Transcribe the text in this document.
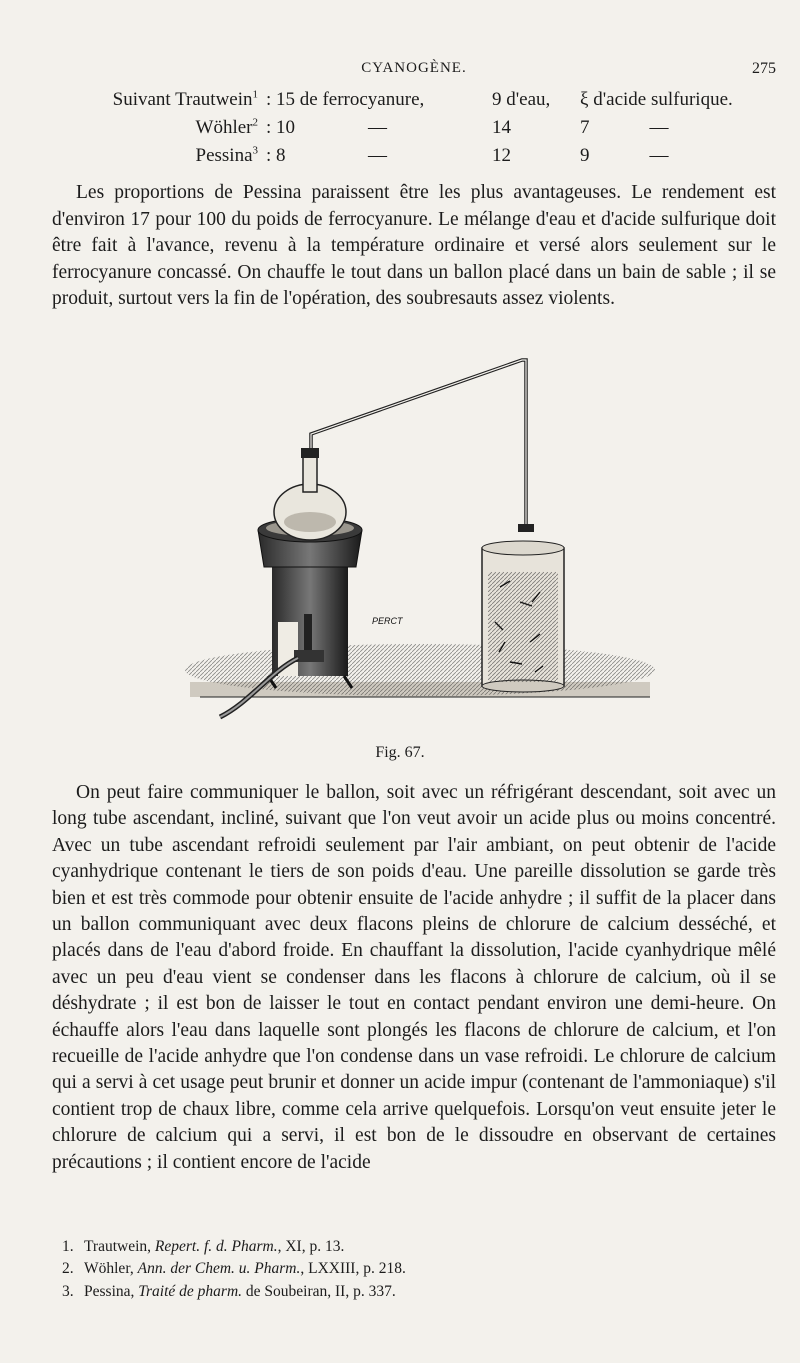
CYANOGÈNE.	275
Suivant Trautwein$^1$	: 15 de ferrocyanure,		9 d'eau,	ξ d'acide sulfurique.
Wöhler$^2$	: 10	—	14	7 —
Pessina$^3$	: 8	—	12	9 —

Les proportions de Pessina paraissent être les plus avantageuses. Le rendement est d'environ 17 pour 100 du poids de ferrocyanure. Le mélange d'eau et d'acide sulfurique doit être fait à l'avance, revenu à la température ordinaire et versé alors seulement sur le ferrocyanure concassé. On chauffe le tout dans un ballon placé dans un bain de sable ; il se produit, surtout vers la fin de l'opération, des soubresauts assez violents.

PERCT
Fig. 67.

On peut faire communiquer le ballon, soit avec un réfrigérant descendant, soit avec un long tube ascendant, incliné, suivant que l'on veut avoir un acide plus ou moins concentré. Avec un tube ascendant refroidi seulement par l'air ambiant, on peut obtenir de l'acide cyanhydrique contenant le tiers de son poids d'eau. Une pareille dissolution se garde très bien et est très commode pour obtenir ensuite de l'acide anhydre ; il suffit de la placer dans un ballon communiquant avec deux flacons pleins de chlorure de calcium desséché, et placés dans de l'eau d'abord froide. En chauffant la dissolution, l'acide cyanhydrique mêlé avec un peu d'eau vient se condenser dans les flacons à chlorure de calcium, où il se déshydrate ; il est bon de laisser le tout en contact pendant environ une demi-heure. On échauffe alors l'eau dans laquelle sont plongés les flacons de chlorure de calcium, et l'on recueille de l'acide anhydre que l'on condense dans un vase refroidi. Le chlorure de calcium qui a servi à cet usage peut brunir et donner un acide impur (contenant de l'ammoniaque) s'il contient trop de chaux libre, comme cela arrive quelquefois. Lorsqu'on veut ensuite jeter le chlorure de calcium qui a servi, il est bon de le dissoudre en observant de certaines précautions ; il contient encore de l'acide

1. Trautwein, Repert. f. d. Pharm., XI, p. 13.
2. Wöhler, Ann. der Chem. u. Pharm., LXXIII, p. 218.
3. Pessina, Traité de pharm. de Soubeiran, II, p. 337.
